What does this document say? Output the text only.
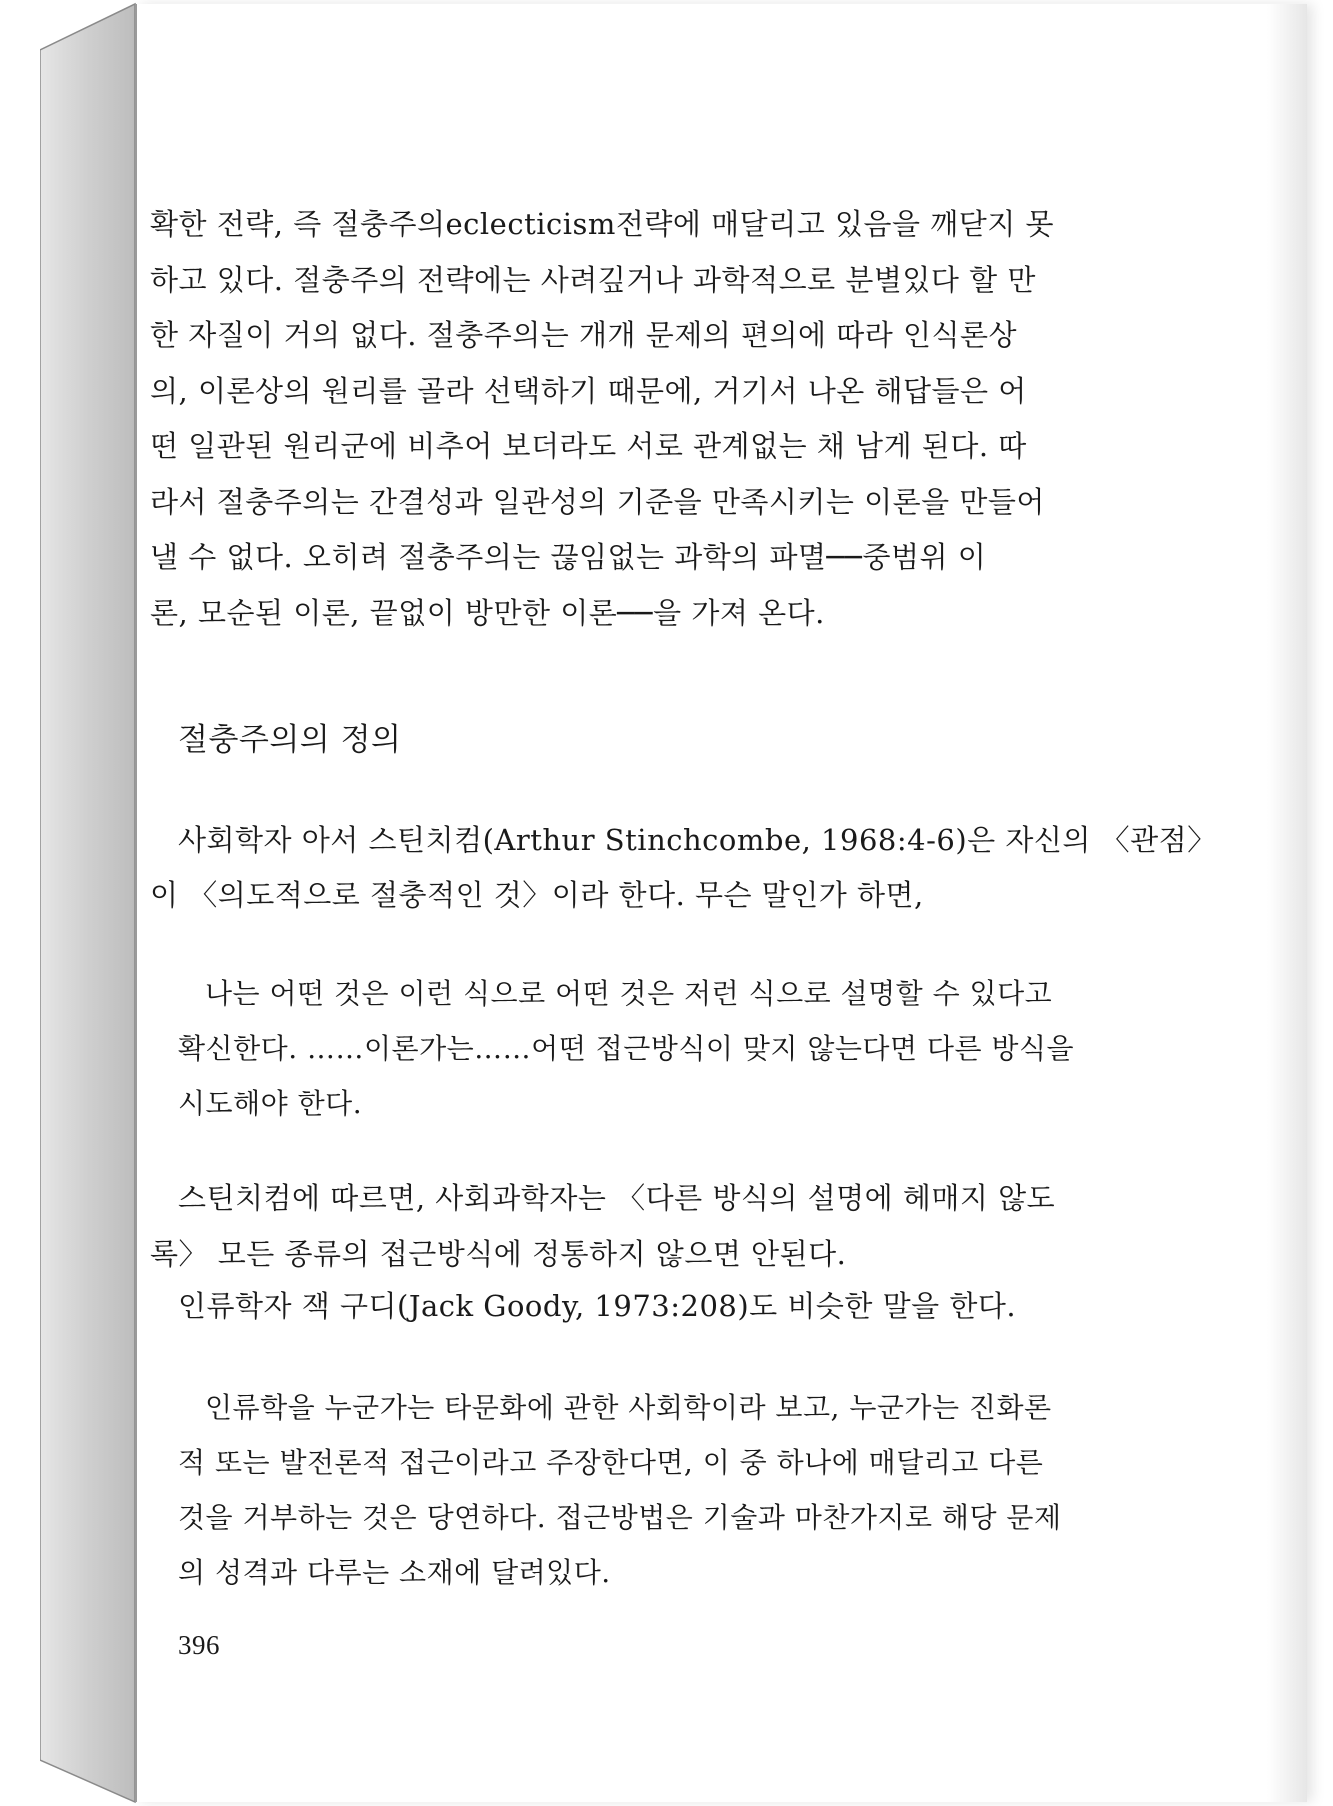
확한 전략, 즉 절충주의eclecticism전략에 매달리고 있음을 깨닫지 못
하고 있다. 절충주의 전략에는 사려깊거나 과학적으로 분별있다 할 만
한 자질이 거의 없다. 절충주의는 개개 문제의 편의에 따라 인식론상
의, 이론상의 원리를 골라 선택하기 때문에, 거기서 나온 해답들은 어
떤 일관된 원리군에 비추어 보더라도 서로 관계없는 채 남게 된다. 따
라서 절충주의는 간결성과 일관성의 기준을 만족시키는 이론을 만들어
낼 수 없다. 오히려 절충주의는 끊임없는 과학의 파멸──중범위 이
론, 모순된 이론, 끝없이 방만한 이론──을 가져 온다.
절충주의의 정의
사회학자 아서 스틴치컴(Arthur Stinchcombe, 1968:4-6)은 자신의 〈관점〉
이 〈의도적으로 절충적인 것〉이라 한다. 무슨 말인가 하면,
나는 어떤 것은 이런 식으로 어떤 것은 저런 식으로 설명할 수 있다고
확신한다. ……이론가는……어떤 접근방식이 맞지 않는다면 다른 방식을
시도해야 한다.
스틴치컴에 따르면, 사회과학자는 〈다른 방식의 설명에 헤매지 않도
록〉 모든 종류의 접근방식에 정통하지 않으면 안된다.
인류학자 잭 구디(Jack Goody, 1973:208)도 비슷한 말을 한다.
인류학을 누군가는 타문화에 관한 사회학이라 보고, 누군가는 진화론
적 또는 발전론적 접근이라고 주장한다면, 이 중 하나에 매달리고 다른
것을 거부하는 것은 당연하다. 접근방법은 기술과 마찬가지로 해당 문제
의 성격과 다루는 소재에 달려있다.
396
